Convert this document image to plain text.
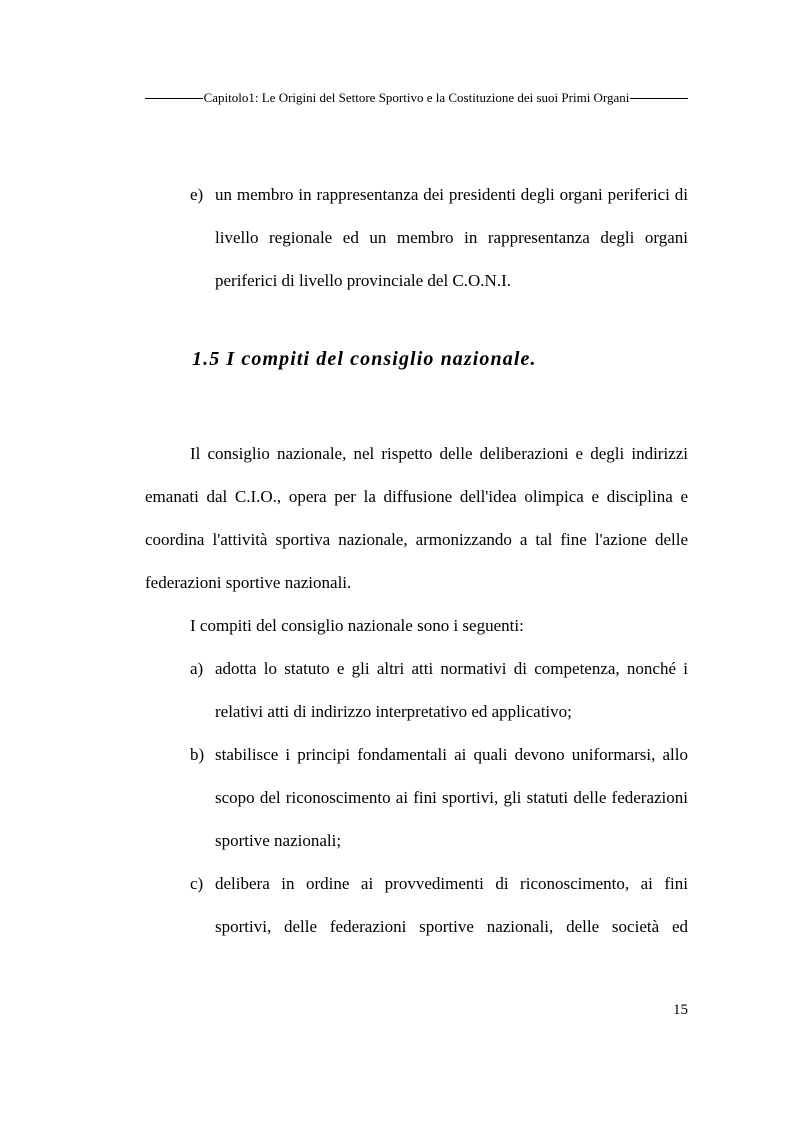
Capitolo1: Le Origini del Settore Sportivo e la Costituzione dei suoi Primi Organi
e) un membro in rappresentanza dei presidenti degli organi periferici di livello regionale ed un membro in rappresentanza degli organi periferici di livello provinciale del C.O.N.I.
1.5 I compiti del consiglio nazionale.

Il consiglio nazionale, nel rispetto delle deliberazioni e degli indirizzi emanati dal C.I.O., opera per la diffusione dell'idea olimpica e disciplina e coordina l'attività sportiva nazionale, armonizzando a tal fine l'azione delle federazioni sportive nazionali.

I compiti del consiglio nazionale sono i seguenti:

a) adotta lo statuto e gli altri atti normativi di competenza, nonché i relativi atti di indirizzo interpretativo ed applicativo;
b) stabilisce i principi fondamentali ai quali devono uniformarsi, allo scopo del riconoscimento ai fini sportivi, gli statuti delle federazioni sportive nazionali;
c) delibera in ordine ai provvedimenti di riconoscimento, ai fini sportivi, delle federazioni sportive nazionali, delle società ed
15
